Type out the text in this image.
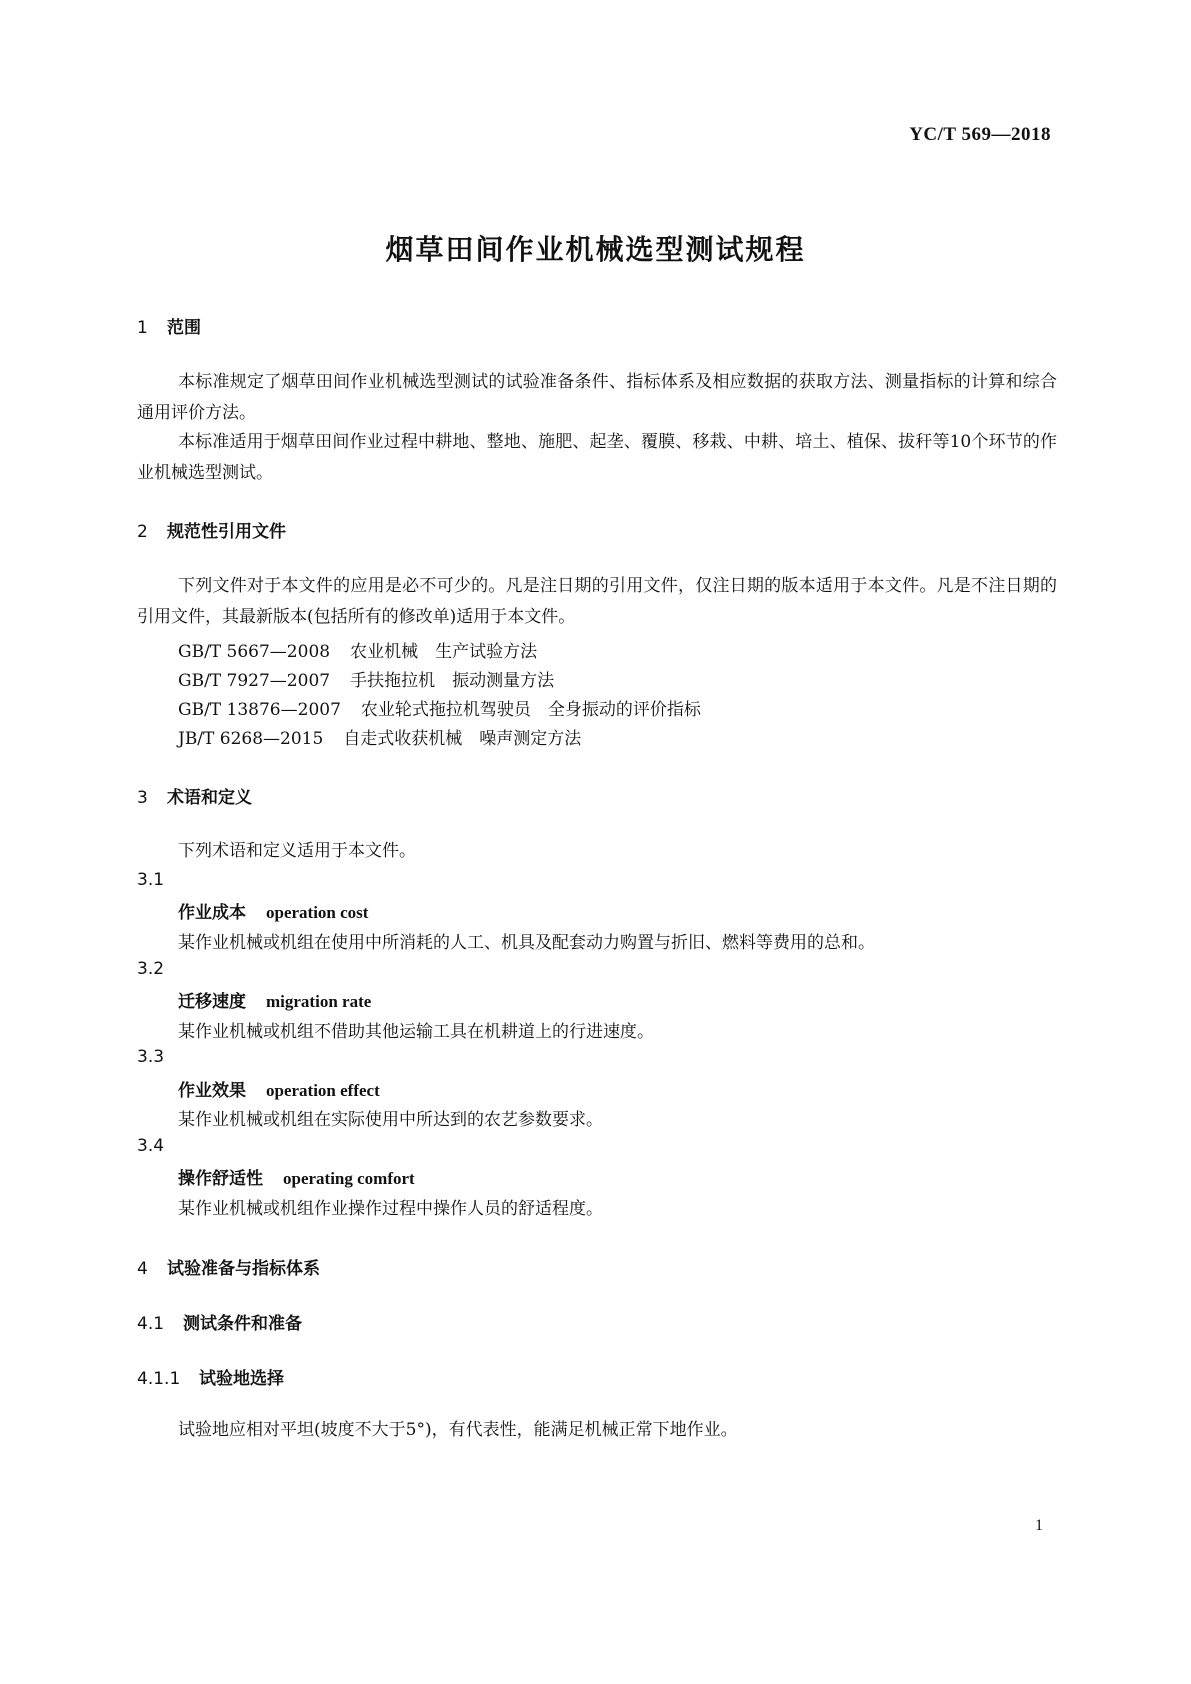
YC/T 569—2018
烟草田间作业机械选型测试规程
1 范围
本标准规定了烟草田间作业机械选型测试的试验准备条件、指标体系及相应数据的获取方法、测量指标的计算和综合通用评价方法。
本标准适用于烟草田间作业过程中耕地、整地、施肥、起垄、覆膜、移栽、中耕、培土、植保、拔秆等10个环节的作业机械选型测试。
2 规范性引用文件
下列文件对于本文件的应用是必不可少的。凡是注日期的引用文件，仅注日期的版本适用于本文件。凡是不注日期的引用文件，其最新版本(包括所有的修改单)适用于本文件。
GB/T 5667—2008 农业机械　生产试验方法
GB/T 7927—2007 手扶拖拉机　振动测量方法
GB/T 13876—2007 农业轮式拖拉机驾驶员　全身振动的评价指标
JB/T 6268—2015 自走式收获机械　噪声测定方法
3 术语和定义
下列术语和定义适用于本文件。
3.1
作业成本 operation cost
某作业机械或机组在使用中所消耗的人工、机具及配套动力购置与折旧、燃料等费用的总和。
3.2
迁移速度 migration rate
某作业机械或机组不借助其他运输工具在机耕道上的行进速度。
3.3
作业效果 operation effect
某作业机械或机组在实际使用中所达到的农艺参数要求。
3.4
操作舒适性 operating comfort
某作业机械或机组作业操作过程中操作人员的舒适程度。
4 试验准备与指标体系
4.1 测试条件和准备
4.1.1 试验地选择
试验地应相对平坦(坡度不大于5°)，有代表性，能满足机械正常下地作业。
1
